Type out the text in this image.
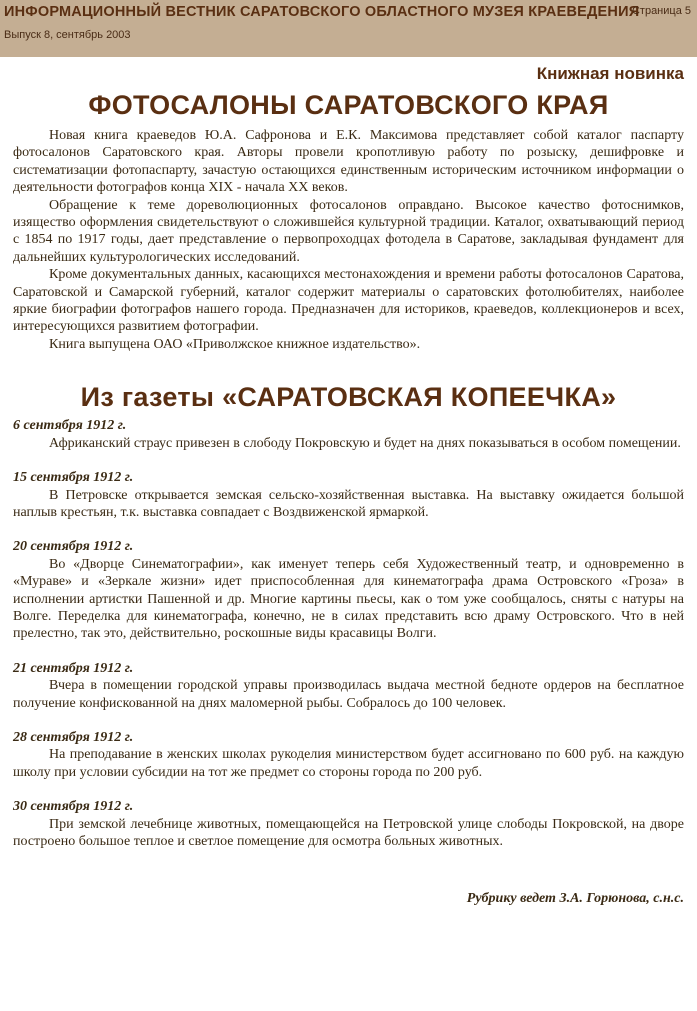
ИНФОРМАЦИОННЫЙ ВЕСТНИК САРАТОВСКОГО ОБЛАСТНОГО МУЗЕЯ КРАЕВЕДЕНИЯ
Выпуск 8, сентябрь 2003
Страница 5
Книжная новинка
ФОТОСАЛОНЫ САРАТОВСКОГО КРАЯ

Новая книга краеведов Ю.А. Сафронова и Е.К. Максимова представляет собой каталог паспарту фотосалонов Саратовского края. Авторы провели кропотливую работу по розыску, дешифровке и систематизации фотопаспарту, зачастую остающихся единственным историческим источником информации о деятельности фотографов конца XIX - начала XX веков.

Обращение к теме дореволюционных фотосалонов оправдано. Высокое качество фотоснимков, изящество оформления свидетельствуют о сложившейся культурной традиции. Каталог, охватывающий период с 1854 по 1917 годы, дает представление о первопроходцах фотодела в Саратове, закладывая фундамент для дальнейших культурологических исследований.

Кроме документальных данных, касающихся местонахождения и времени работы фотосалонов Саратова, Саратовской и Самарской губерний, каталог содержит материалы о саратовских фотолюбителях, наиболее яркие биографии фотографов нашего города. Предназначен для историков, краеведов, коллекционеров и всех, интересующихся развитием фотографии.

Книга выпущена ОАО «Приволжское книжное издательство».

Из газеты «САРАТОВСКАЯ КОПЕЕЧКА»

6 сентября 1912 г.

Африканский страус привезен в слободу Покровскую и будет на днях показываться в особом помещении.

15 сентября 1912 г.

В Петровске открывается земская сельско-хозяйственная выставка. На выставку ожидается большой наплыв крестьян, т.к. выставка совпадает с Воздвиженской ярмаркой.

20 сентября 1912 г.

Во «Дворце Синематографии», как именует теперь себя Художественный театр, и одновременно в «Мураве» и «Зеркале жизни» идет приспособленная для кинематографа драма Островского «Гроза» в исполнении артистки Пашенной и др. Многие картины пьесы, как о том уже сообщалось, сняты с натуры на Волге. Переделка для кинематографа, конечно, не в силах представить всю драму Островского. Что в ней прелестно, так это, действительно, роскошные виды красавицы Волги.

21 сентября 1912 г.

Вчера в помещении городской управы производилась выдача местной бедноте ордеров на бесплатное получение конфискованной на днях маломерной рыбы. Собралось до 100 человек.

28 сентября 1912 г.

На преподавание в женских школах рукоделия министерством будет ассигновано по 600 руб. на каждую школу при условии субсидии на тот же предмет со стороны города по 200 руб.

30 сентября 1912 г.

При земской лечебнице животных, помещающейся на Петровской улице слободы Покровской, на дворе построено большое теплое и светлое помещение для осмотра больных животных.

Рубрику ведет З.А. Горюнова, с.н.с.
